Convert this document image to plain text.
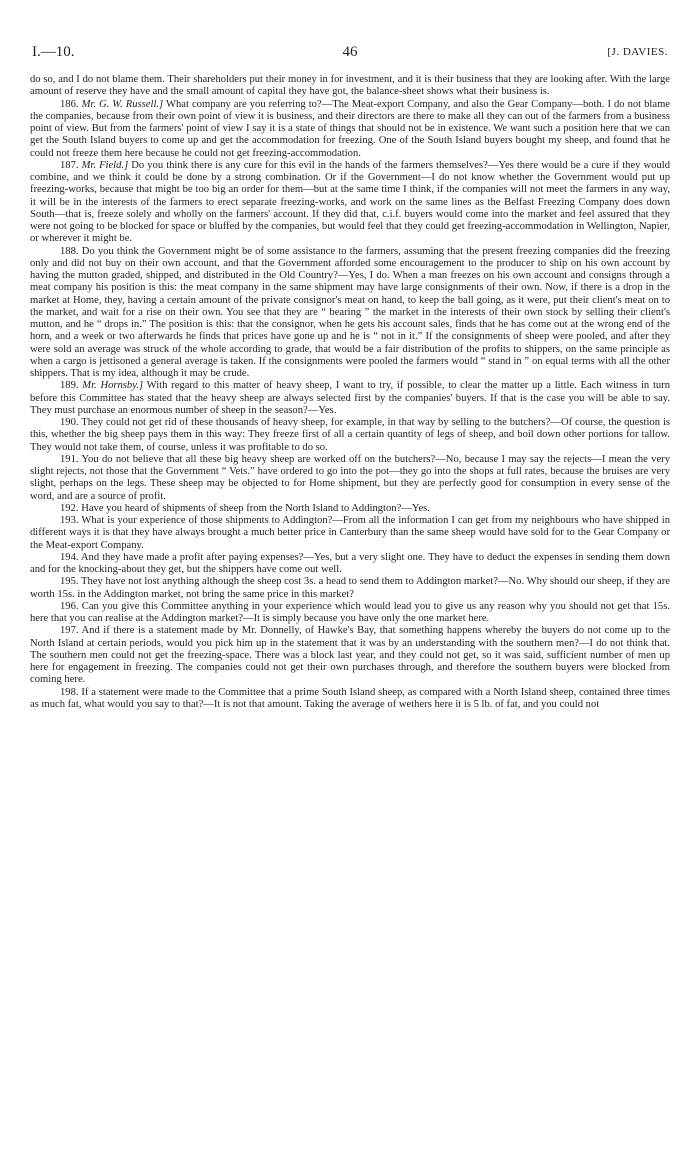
I.—10.	46	[J. DAVIES.

do so, and I do not blame them. Their shareholders put their money in for investment, and it is their business that they are looking after. With the large amount of reserve they have and the small amount of capital they have got, the balance-sheet shows what their business is.

186. Mr. G. W. Russell.] What company are you referring to?—The Meat-export Company, and also the Gear Company—both. I do not blame the companies, because from their own point of view it is business, and their directors are there to make all they can out of the farmers from a business point of view. But from the farmers' point of view I say it is a state of things that should not be in existence. We want such a position here that we can get the South Island buyers to come up and get the accommodation for freezing. One of the South Island buyers bought my sheep, and found that he could not freeze them here because he could not get freezing-accommodation.

187. Mr. Field.] Do you think there is any cure for this evil in the hands of the farmers themselves?—Yes there would be a cure if they would combine, and we think it could be done by a strong combination. Or if the Government—I do not know whether the Government would put up freezing-works, because that might be too big an order for them—but at the same time I think, if the companies will not meet the farmers in any way, it will be in the interests of the farmers to erect separate freezing-works, and work on the same lines as the Belfast Freezing Company does down South—that is, freeze solely and wholly on the farmers' account. If they did that, c.i.f. buyers would come into the market and feel assured that they were not going to be blocked for space or bluffed by the companies, but would feel that they could get freezing-accommodation in Wellington, Napier, or wherever it might be.

188. Do you think the Government might be of some assistance to the farmers, assuming that the present freezing companies did the freezing only and did not buy on their own account, and that the Government afforded some encouragement to the producer to ship on his own account by having the mutton graded, shipped, and distributed in the Old Country?—Yes, I do. When a man freezes on his own account and consigns through a meat company his position is this: the meat company in the same shipment may have large consignments of their own. Now, if there is a drop in the market at Home, they, having a certain amount of the private consignor's meat on hand, to keep the ball going, as it were, put their client's meat on to the market, and wait for a rise on their own. You see that they are “ bearing ” the market in the interests of their own stock by selling their client's mutton, and he “ drops in.” The position is this: that the consignor, when he gets his account sales, finds that he has come out at the wrong end of the horn, and a week or two afterwards he finds that prices have gone up and he is “ not in it.” If the consignments of sheep were pooled, and after they were sold an average was struck of the whole according to grade, that would be a fair distribution of the profits to shippers, on the same principle as when a cargo is jettisoned a general average is taken. If the consignments were pooled the farmers would “ stand in ” on equal terms with all the other shippers. That is my idea, although it may be crude.

189. Mr. Hornsby.] With regard to this matter of heavy sheep, I want to try, if possible, to clear the matter up a little. Each witness in turn before this Committee has stated that the heavy sheep are always selected first by the companies' buyers. If that is the case you will be able to say. They must purchase an enormous number of sheep in the season?—Yes.

190. They could not get rid of these thousands of heavy sheep, for example, in that way by selling to the butchers?—Of course, the question is this, whether the big sheep pays them in this way: They freeze first of all a certain quantity of legs of sheep, and boil down other portions for tallow. They would not take them, of course, unless it was profitable to do so.

191. You do not believe that all these big heavy sheep are worked off on the butchers?—No, because I may say the rejects—I mean the very slight rejects, not those that the Government “ Vets.” have ordered to go into the pot—they go into the shops at full rates, because the bruises are very slight, perhaps on the legs. These sheep may be objected to for Home shipment, but they are perfectly good for consumption in every sense of the word, and are a source of profit.

192. Have you heard of shipments of sheep from the North Island to Addington?—Yes.

193. What is your experience of those shipments to Addington?—From all the information I can get from my neighbours who have shipped in different ways it is that they have always brought a much better price in Canterbury than the same sheep would have sold for to the Gear Company or the Meat-export Company.

194. And they have made a profit after paying expenses?—Yes, but a very slight one. They have to deduct the expenses in sending them down and for the knocking-about they get, but the shippers have come out well.

195. They have not lost anything although the sheep cost 3s. a head to send them to Addington market?—No. Why should our sheep, if they are worth 15s. in the Addington market, not bring the same price in this market?

196. Can you give this Committee anything in your experience which would lead you to give us any reason why you should not get that 15s. here that you can realise at the Addington market?—It is simply because you have only the one market here.

197. And if there is a statement made by Mr. Donnelly, of Hawke's Bay, that something happens whereby the buyers do not come up to the North Island at certain periods, would you pick him up in the statement that it was by an understanding with the southern men?—I do not think that. The southern men could not get the freezing-space. There was a block last year, and they could not get, so it was said, sufficient number of men up here for engagement in freezing. The companies could not get their own purchases through, and therefore the southern buyers were blocked from coming here.

198. If a statement were made to the Committee that a prime South Island sheep, as compared with a North Island sheep, contained three times as much fat, what would you say to that?—It is not that amount. Taking the average of wethers here it is 5 lb. of fat, and you could not
